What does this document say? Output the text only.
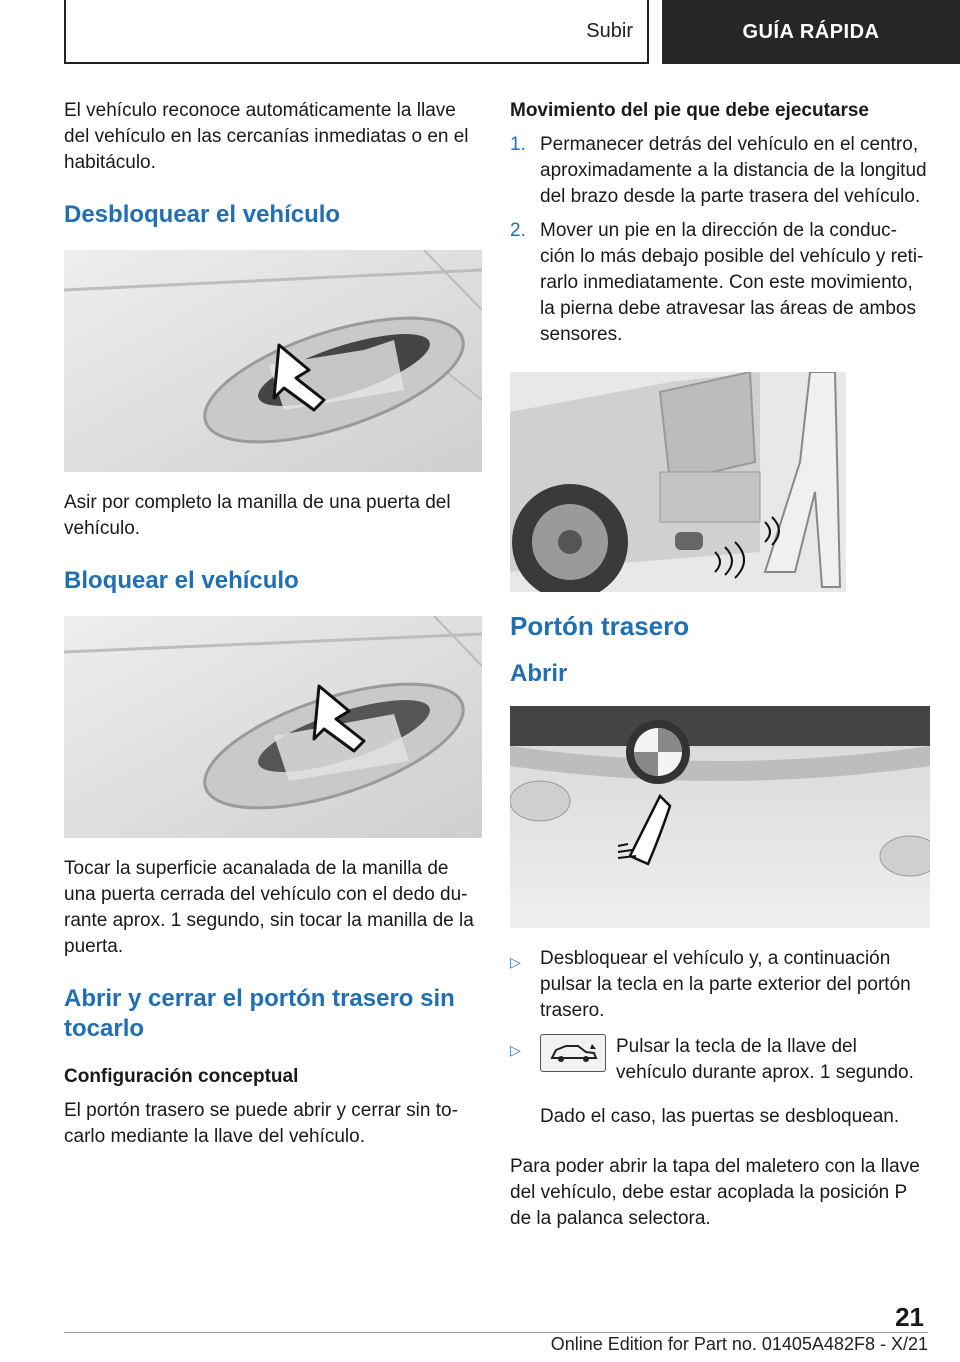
Subir	GUÍA RÁPIDA

El vehículo reconoce automáticamente la llave del vehículo en las cercanías inmediatas o en el habitáculo.

Desbloquear el vehículo

Asir por completo la manilla de una puerta del vehículo.

Bloquear el vehículo

Tocar la superficie acanalada de la manilla de una puerta cerrada del vehículo con el dedo du-rante aprox. 1 segundo, sin tocar la manilla de la puerta.

Abrir y cerrar el portón trasero sin tocarlo
Configuración conceptual

El portón trasero se puede abrir y cerrar sin to-carlo mediante la llave del vehículo.

Movimiento del pie que debe ejecutarse
1. Permanecer detrás del vehículo en el centro, aproximadamente a la distancia de la longitud del brazo desde la parte trasera del vehículo.
2. Mover un pie en la dirección de la conduc-ción lo más debajo posible del vehículo y reti-rarlo inmediatamente. Con este movimiento, la pierna debe atravesar las áreas de ambos sensores.
Portón trasero
Abrir
▷	Desbloquear el vehículo y, a continuación pulsar la tecla en la parte exterior del portón trasero.
▷	Pulsar la tecla de la llave del vehículo durante aprox. 1 segundo.
Dado el caso, las puertas se desbloquean.

Para poder abrir la tapa del maletero con la llave del vehículo, debe estar acoplada la posición P de la palanca selectora.

21
Online Edition for Part no. 01405A482F8 - X/21
